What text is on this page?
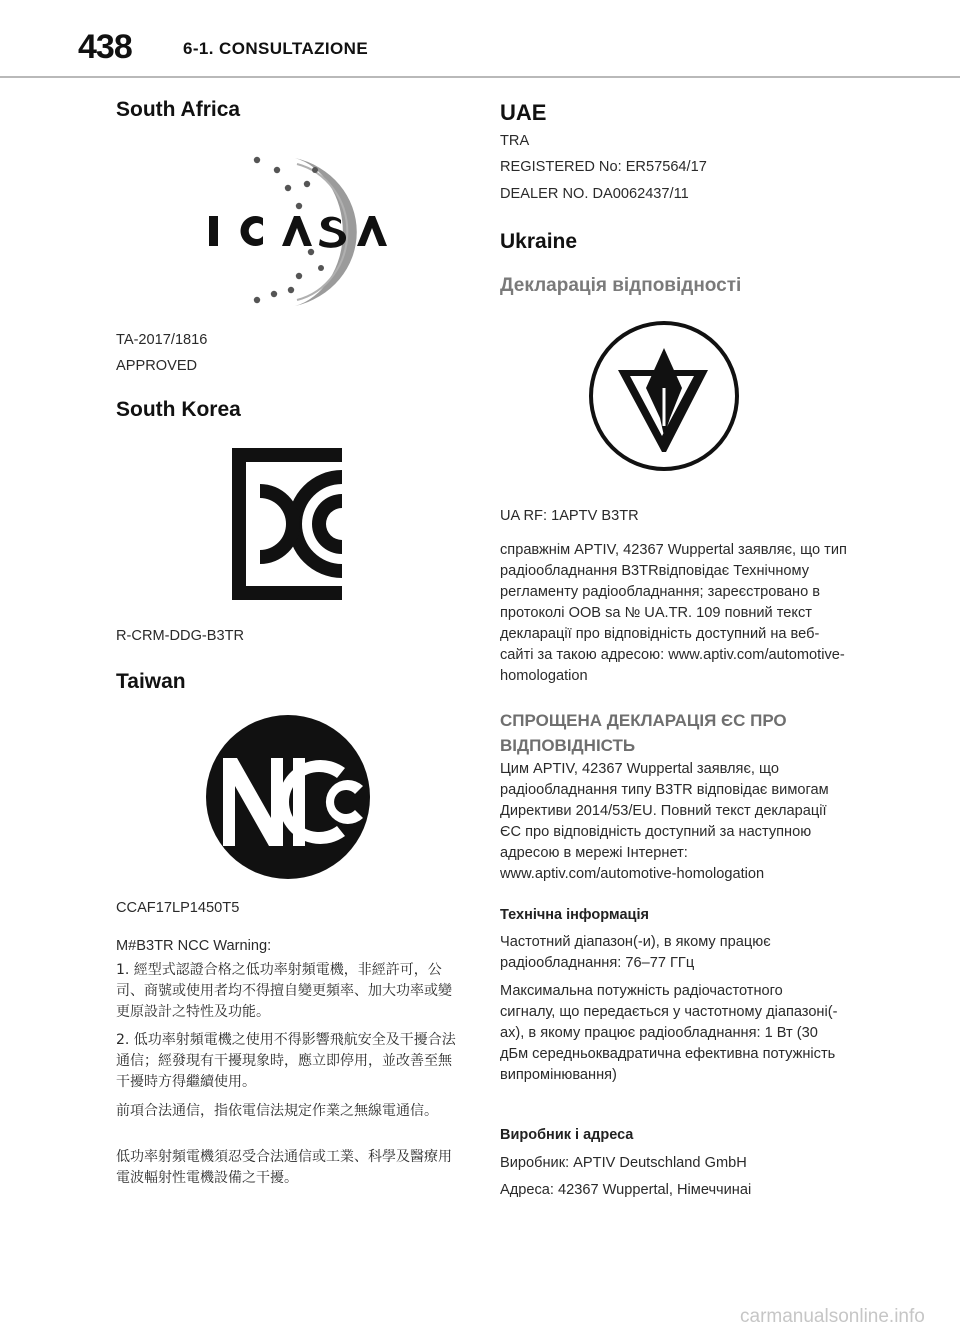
438	6-1. CONSULTAZIONE
South Africa

TA-2017/1816

APPROVED

South Korea

R-CRM-DDG-B3TR

Taiwan

CCAF17LP1450T5

M#B3TR NCC Warning:

1. 經型式認證合格之低功率射頻電機，非經許可，公司、商號或使用者均不得擅自變更頻率、加大功率或變更原設計之特性及功能。

2. 低功率射頻電機之使用不得影響飛航安全及干擾合法通信；經發現有干擾現象時，應立即停用，並改善至無干擾時方得繼續使用。

前項合法通信，指依電信法規定作業之無線電通信。

低功率射頻電機須忍受合法通信或工業、科學及醫療用電波輻射性電機設備之干擾。

UAE

TRA

REGISTERED No: ER57564/17

DEALER NO. DA0062437/11

Ukraine
Декларація відповідності

UA RF: 1APTV B3TR

справжнім APTIV, 42367 Wuppertal заявляє, що тип радіообладнання B3TRвідповідає Технічному регламенту радіообладнання; зареєстровано в протоколі OOB sa № UA.TR. 109 повний текст декларації про відповідність доступний на веб-сайті за такою адресою: www.aptiv.com/automotive-homologation

СПРОЩЕНА ДЕКЛАРАЦІЯ ЄС ПРО ВІДПОВІДНІСТЬ

Цим APTIV, 42367 Wuppertal заявляє, що радіообладнання типу B3TR відповідає вимогам Директиви 2014/53/EU. Повний текст декларації ЄС про відповідність доступний за наступною адресою в мережі Інтернет: www.aptiv.com/automotive-homologation

Технічна інформація

Частотний діапазон(-и), в якому працює радіообладнання: 76–77 ГГц

Максимальна потужність радіочастотного сигналу, що передається у частотному діапазоні(-ах), в якому працює радіообладнання: 1 Вт (30 дБм середньоквадратична ефективна потужність випромінювання)

Виробник і адреса

Виробник: APTIV Deutschland GmbH

Адреса: 42367 Wuppertal, Німеччинaі

carmanualsonline.info
